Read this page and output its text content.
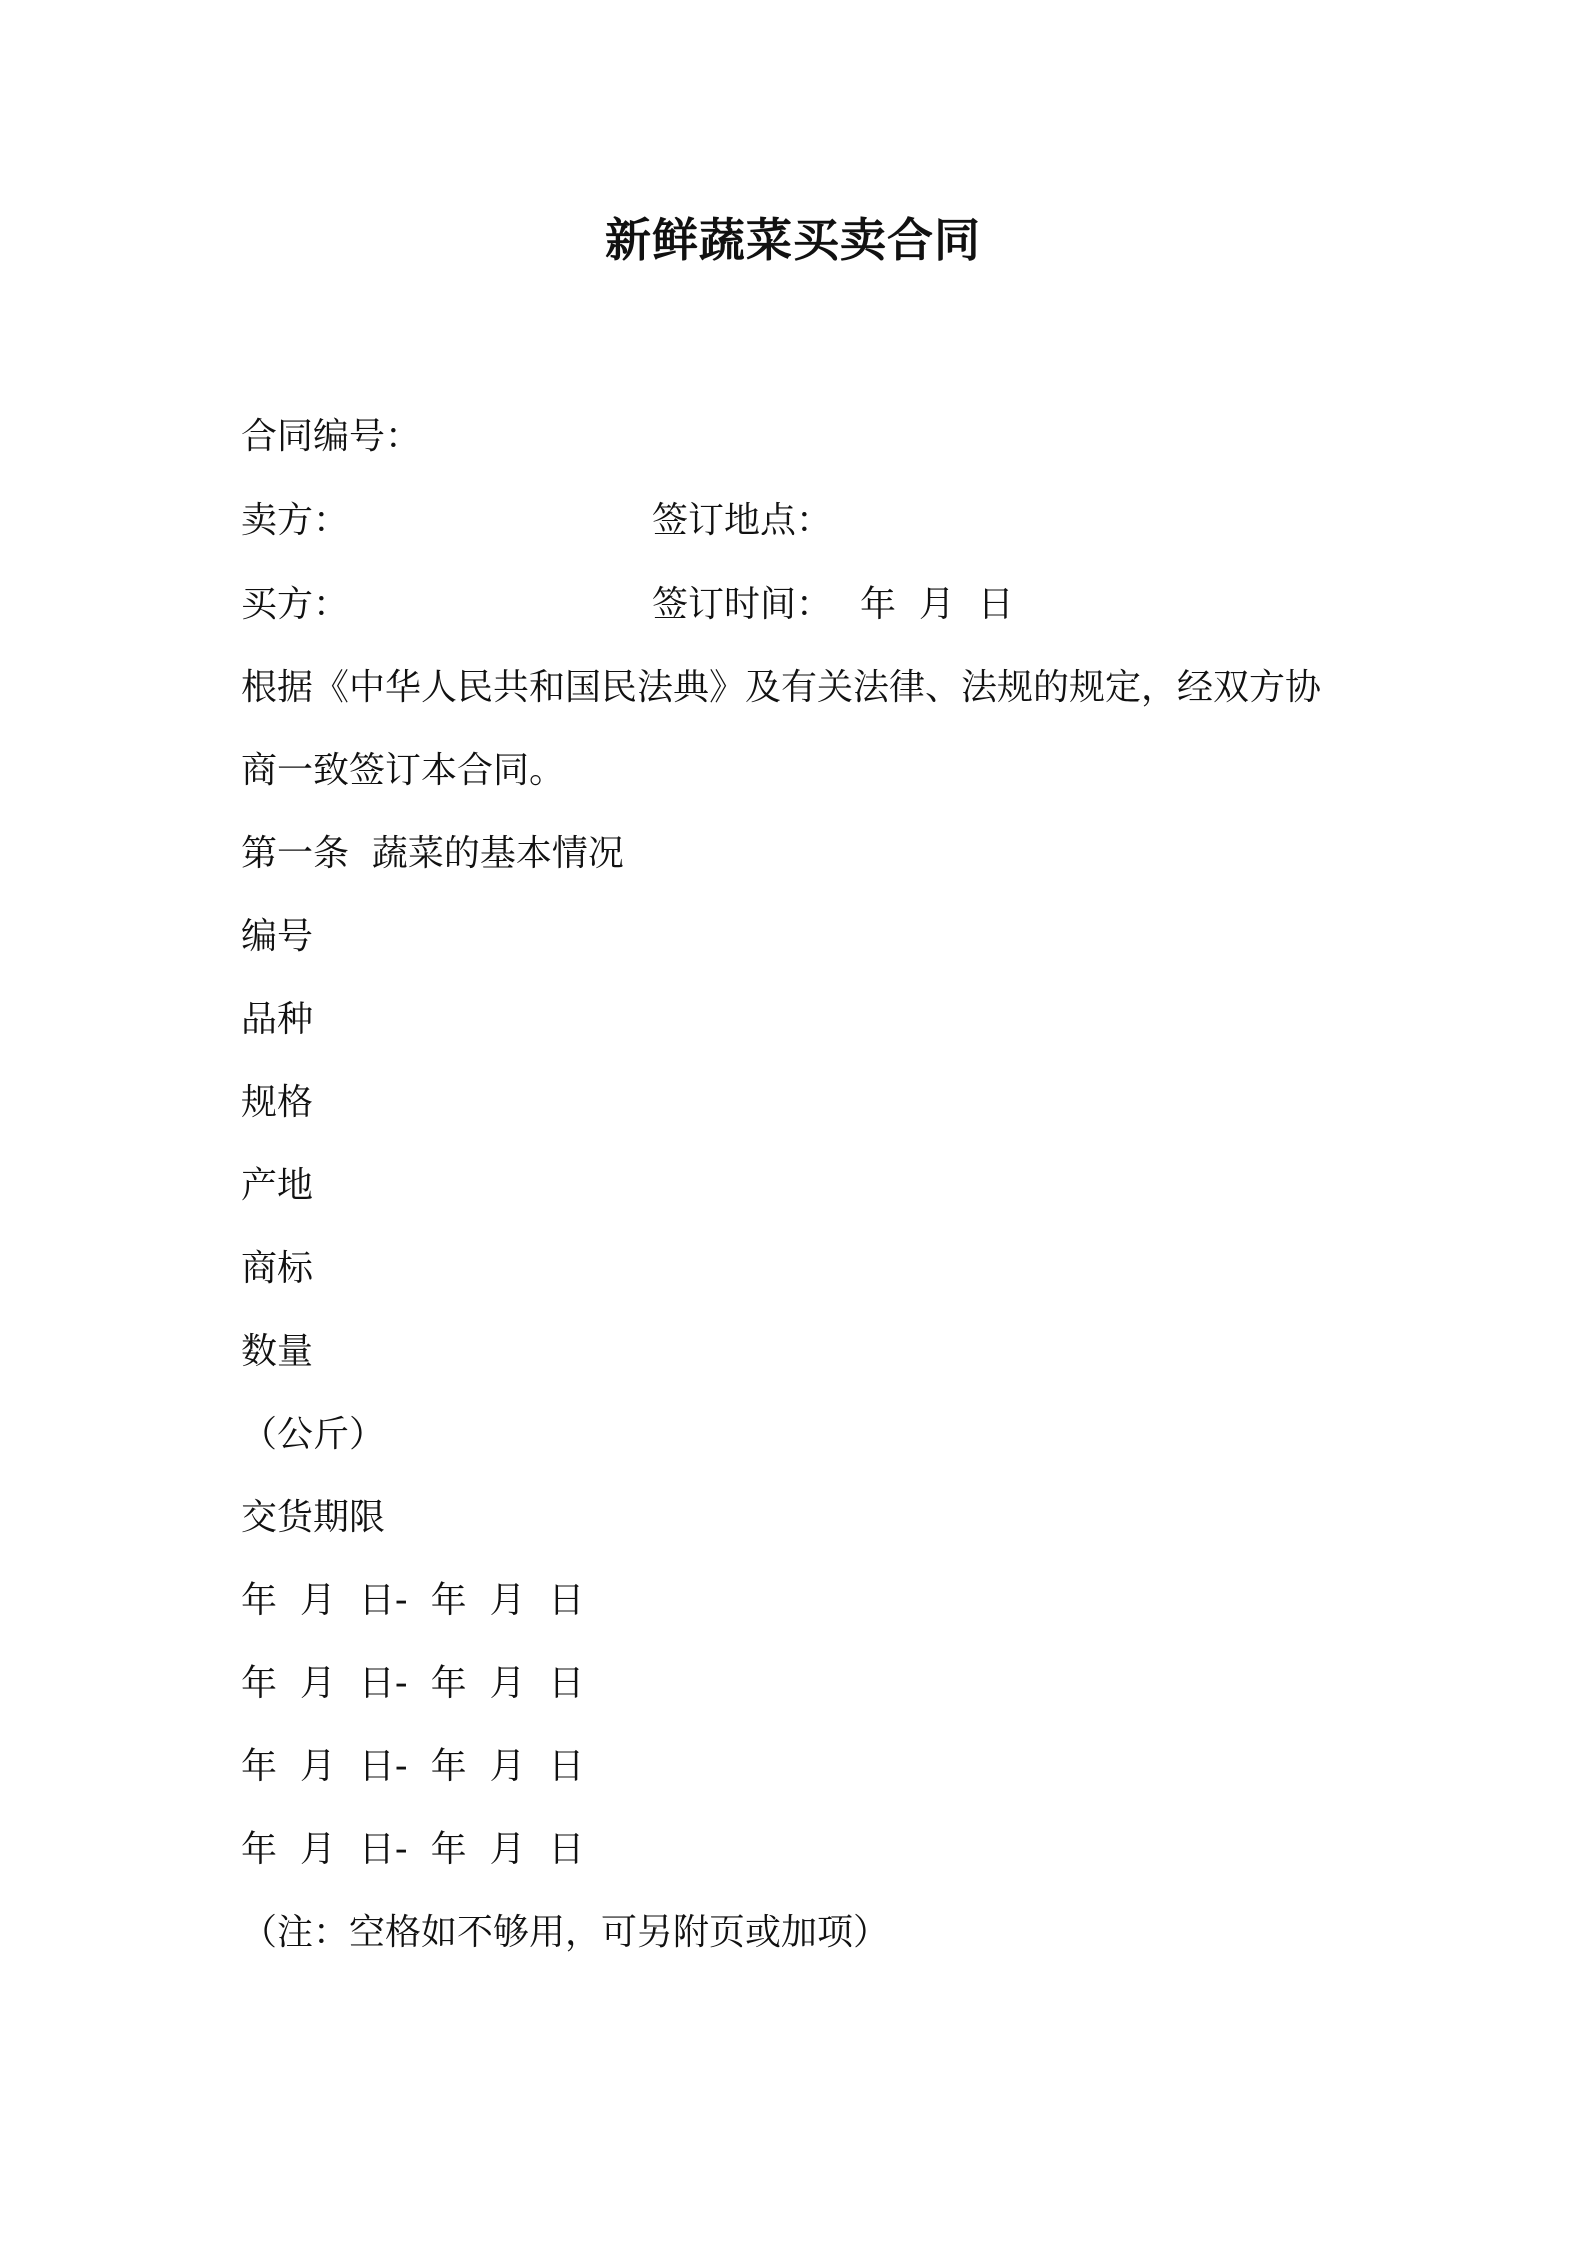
新鲜蔬菜买卖合同
合同编号：
卖方：	签订地点：
买方：	签订时间： 年  月  日
根据《中华人民共和国民法典》及有关法律、法规的规定，经双方协
商一致签订本合同。
第一条  蔬菜的基本情况
编号
品种
规格
产地
商标
数量
（公斤）
交货期限
年  月  日-  年  月  日
年  月  日-  年  月  日
年  月  日-  年  月  日
年  月  日-  年  月  日
（注：空格如不够用，可另附页或加项）
